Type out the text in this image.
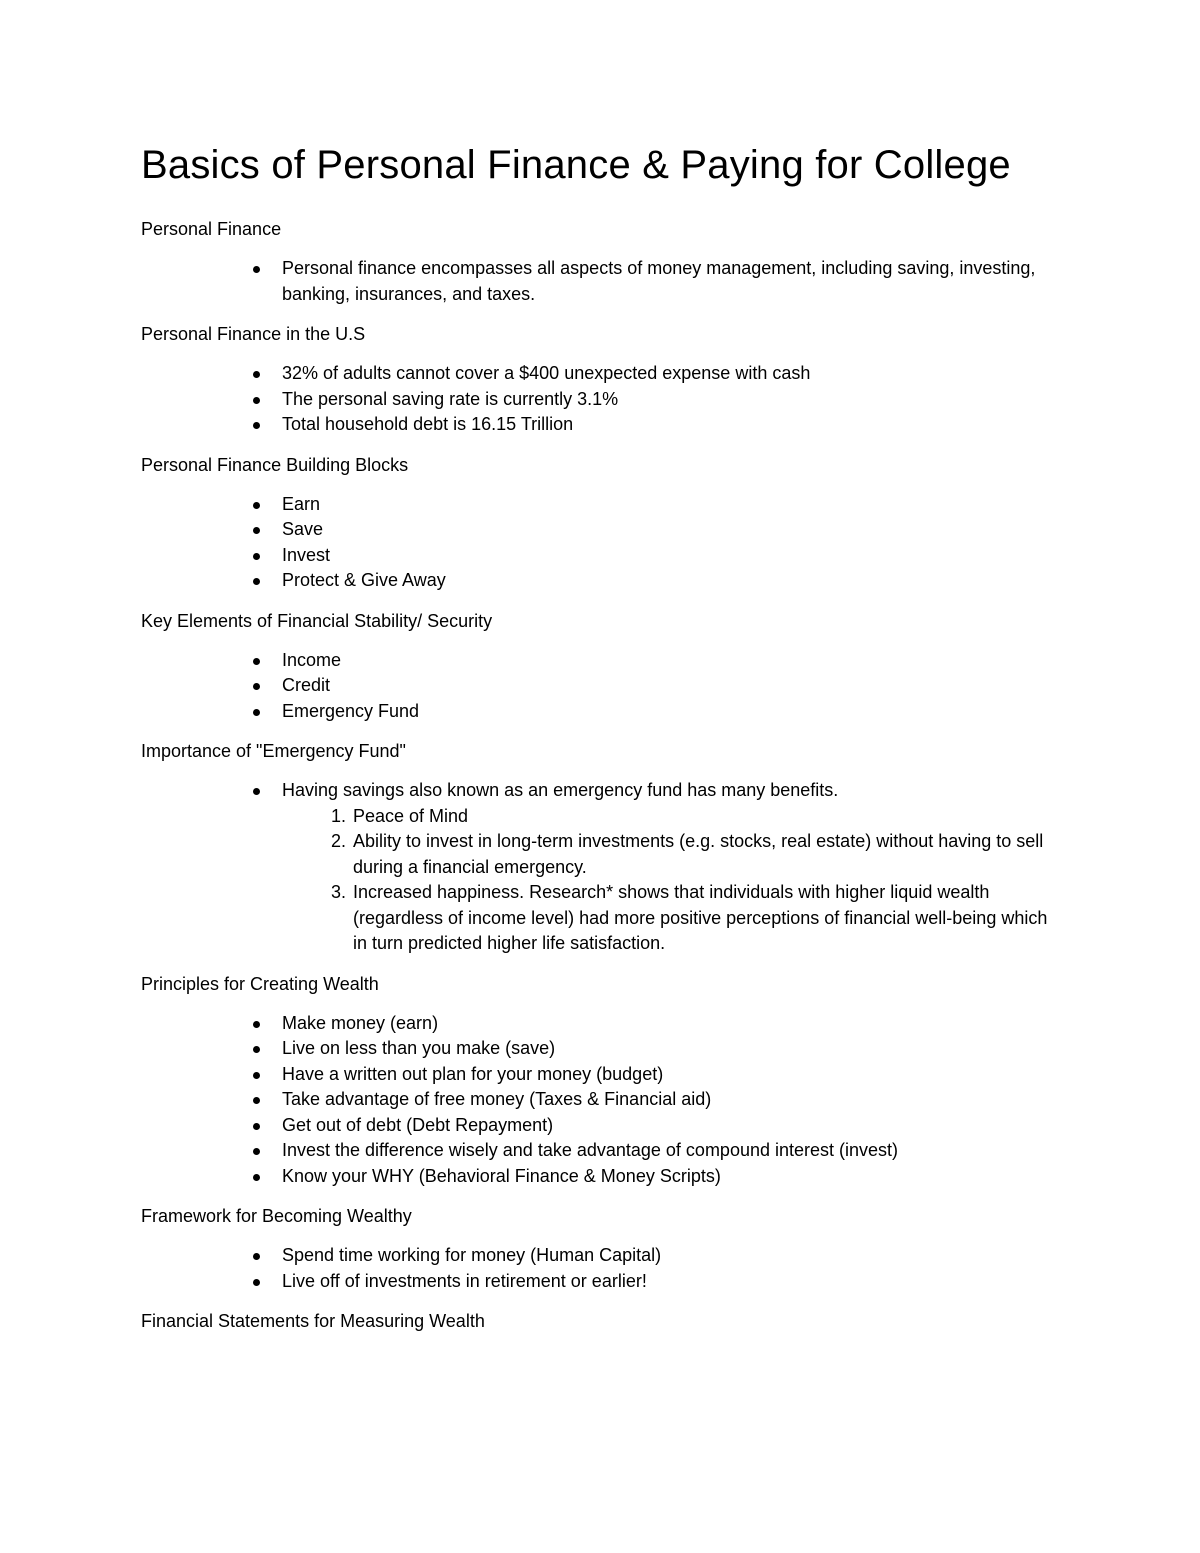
Basics of Personal Finance & Paying for College
Personal Finance
Personal finance encompasses all aspects of money management, including saving, investing, banking, insurances, and taxes.
Personal Finance in the U.S
32% of adults cannot cover a $400 unexpected expense with cash
The personal saving rate is currently 3.1%
Total household debt is 16.15 Trillion
Personal Finance Building Blocks
Earn
Save
Invest
Protect & Give Away
Key Elements of Financial Stability/ Security
Income
Credit
Emergency Fund
Importance of "Emergency Fund"
Having savings also known as an emergency fund has many benefits.
1. Peace of Mind
2. Ability to invest in long-term investments (e.g. stocks, real estate) without having to sell during a financial emergency.
3. Increased happiness. Research* shows that individuals with higher liquid wealth (regardless of income level) had more positive perceptions of financial well-being which in turn predicted higher life satisfaction.
Principles for Creating Wealth
Make money (earn)
Live on less than you make (save)
Have a written out plan for your money (budget)
Take advantage of free money (Taxes & Financial aid)
Get out of debt (Debt Repayment)
Invest the difference wisely and take advantage of compound interest (invest)
Know your WHY (Behavioral Finance & Money Scripts)
Framework for Becoming Wealthy
Spend time working for money (Human Capital)
Live off of investments in retirement or earlier!
Financial Statements for Measuring Wealth
